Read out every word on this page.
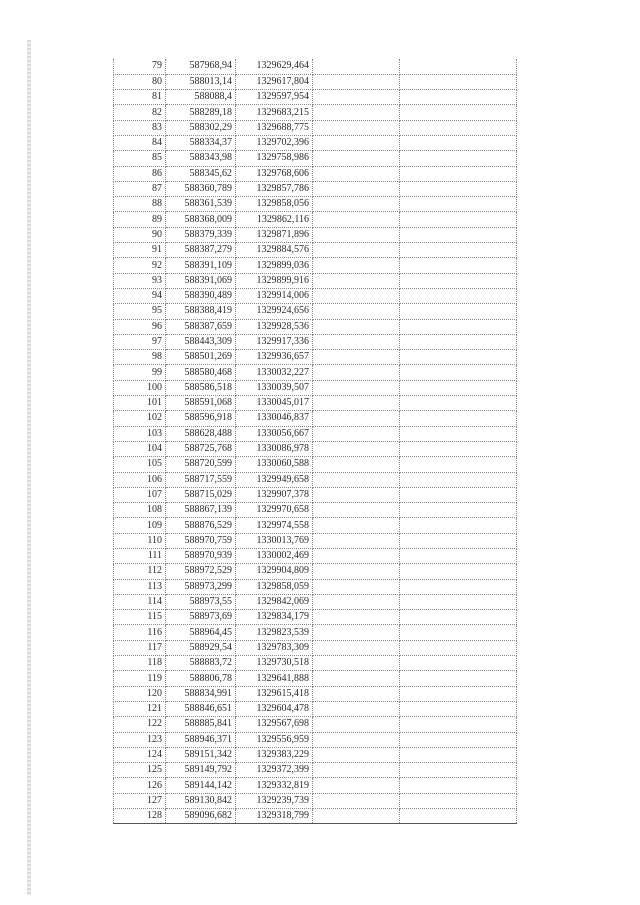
79	587968,94	1329629,464		
80	588013,14	1329617,804		
81	588088,4	1329597,954		
82	588289,18	1329683,215		
83	588302,29	1329688,775		
84	588334,37	1329702,396		
85	588343,98	1329758,986		
86	588345,62	1329768,606		
87	588360,789	1329857,786		
88	588361,539	1329858,056		
89	588368,009	1329862,116		
90	588379,339	1329871,896		
91	588387,279	1329884,576		
92	588391,109	1329899,036		
93	588391,069	1329899,916		
94	588390,489	1329914,006		
95	588388,419	1329924,656		
96	588387,659	1329928,536		
97	588443,309	1329917,336		
98	588501,269	1329936,657		
99	588580,468	1330032,227		
100	588586,518	1330039,507		
101	588591,068	1330045,017		
102	588596,918	1330046,837		
103	588628,488	1330056,667		
104	588725,768	1330086,978		
105	588720,599	1330060,588		
106	588717,559	1329949,658		
107	588715,029	1329907,378		
108	588867,139	1329970,658		
109	588876,529	1329974,558		
110	588970,759	1330013,769		
111	588970,939	1330002,469		
112	588972,529	1329904,809		
113	588973,299	1329858,059		
114	588973,55	1329842,069		
115	588973,69	1329834,179		
116	588964,45	1329823,539		
117	588929,54	1329783,309		
118	588883,72	1329730,518		
119	588806,78	1329641,888		
120	588834,991	1329615,418		
121	588846,651	1329604,478		
122	588885,841	1329567,698		
123	588946,371	1329556,959		
124	589151,342	1329383,229		
125	589149,792	1329372,399		
126	589144,142	1329332,819		
127	589130,842	1329239,739		
128	589096,682	1329318,799		
